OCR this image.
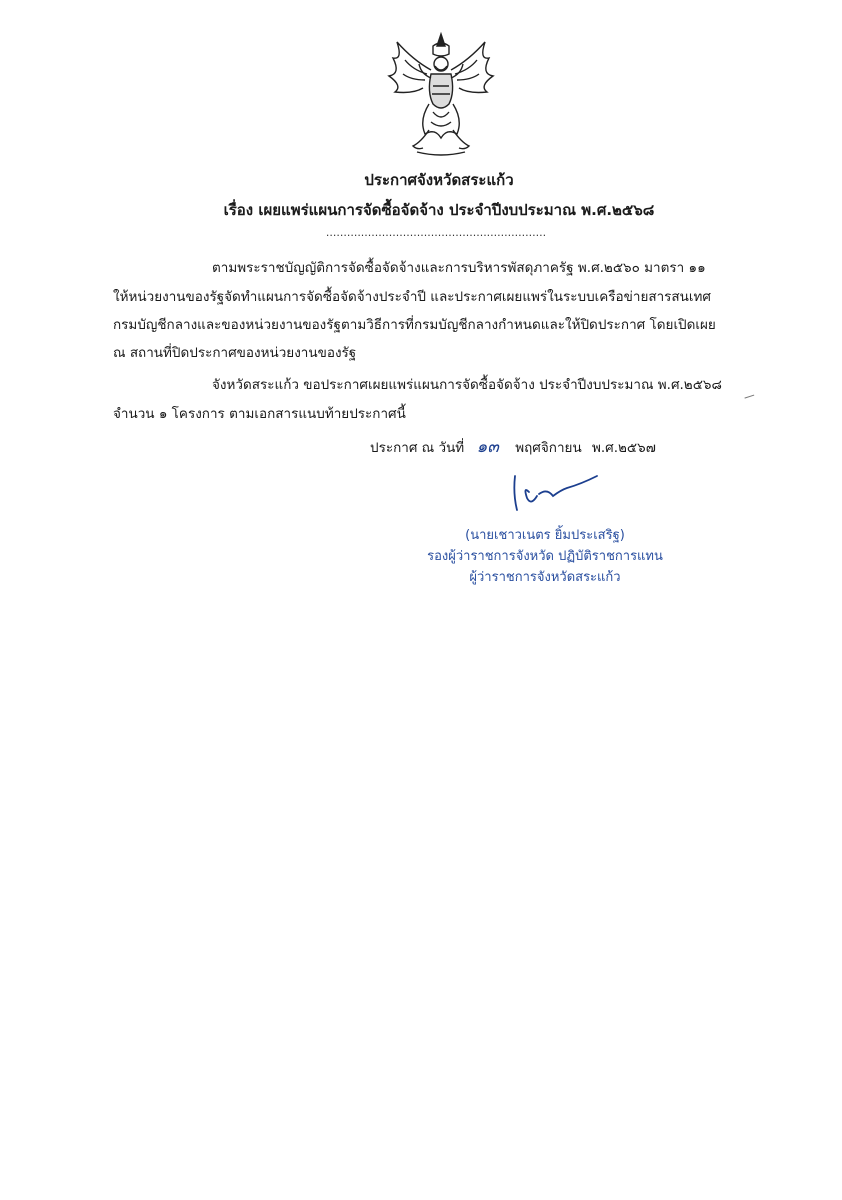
ประกาศจังหวัดสระแก้ว
เรื่อง เผยแพร่แผนการจัดซื้อจัดจ้าง ประจำปีงบประมาณ พ.ศ.๒๕๖๘
...............................................................
ตามพระราชบัญญัติการจัดซื้อจัดจ้างและการบริหารพัสดุภาครัฐ พ.ศ.๒๕๖๐ มาตรา ๑๑
ให้หน่วยงานของรัฐจัดทำแผนการจัดซื้อจัดจ้างประจำปี และประกาศเผยแพร่ในระบบเครือข่ายสารสนเทศ
กรมบัญชีกลางและของหน่วยงานของรัฐตามวิธีการที่กรมบัญชีกลางกำหนดและให้ปิดประกาศ โดยเปิดเผย
ณ สถานที่ปิดประกาศของหน่วยงานของรัฐ
จังหวัดสระแก้ว ขอประกาศเผยแพร่แผนการจัดซื้อจัดจ้าง ประจำปีงบประมาณ พ.ศ.๒๕๖๘
จำนวน ๑ โครงการ ตามเอกสารแนบท้ายประกาศนี้
ประกาศ ณ วันที่ ๑๓ พฤศจิกายน พ.ศ.๒๕๖๗
(นายเชาวเนตร ยิ้มประเสริฐ)
รองผู้ว่าราชการจังหวัด ปฏิบัติราชการแทน
ผู้ว่าราชการจังหวัดสระแก้ว
